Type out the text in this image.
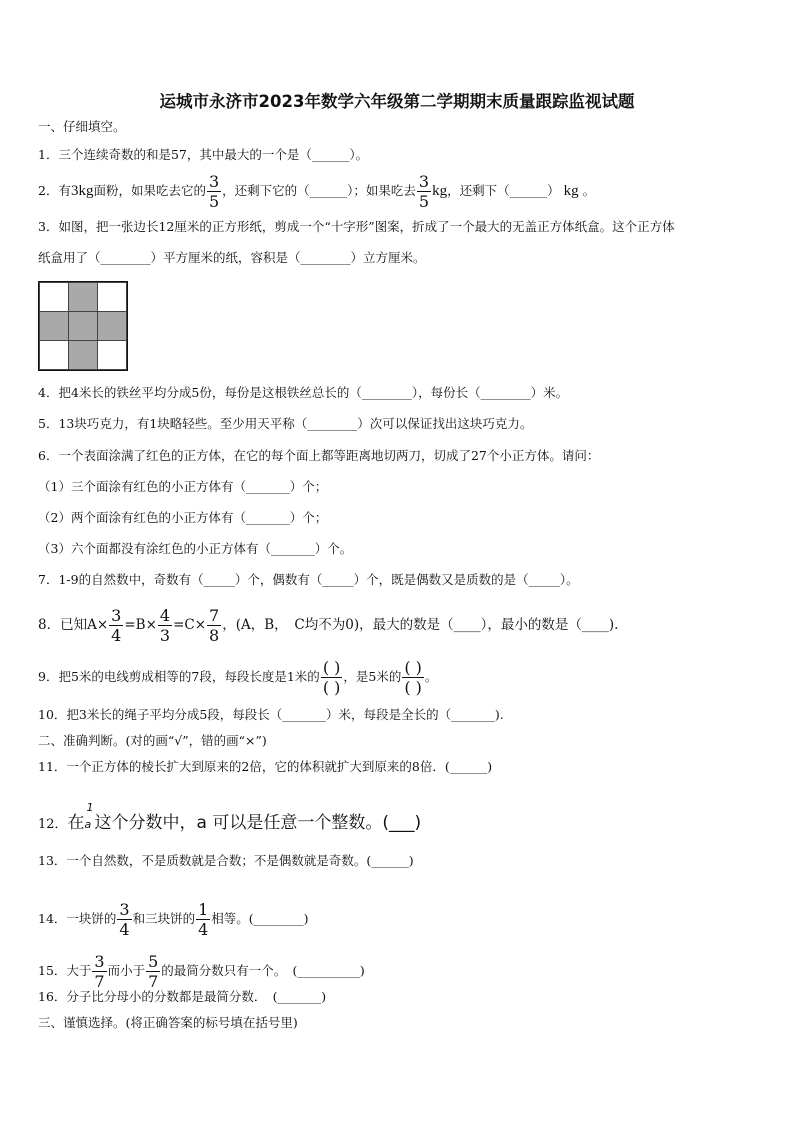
运城市永济市2023年数学六年级第二学期期末质量跟踪监视试题
一、仔细填空。
1．三个连续奇数的和是57，其中最大的一个是（______）。
2．有3kg面粉，如果吃去它的 $\frac{3}{5}$ ，还剩下它的（______）；如果吃去 $\frac{3}{5}$ kg，还剩下（______） kg 。
3．如图，把一张边长12厘米的正方形纸，剪成一个“十字形”图案，折成了一个最大的无盖正方体纸盒。这个正方体
纸盒用了（________）平方厘米的纸，容积是（________）立方厘米。
4．把4米长的铁丝平均分成5份，每份是这根铁丝总长的（________），每份长（________）米。
5．13块巧克力，有1块略轻些。至少用天平称（________）次可以保证找出这块巧克力。
6．一个表面涂满了红色的正方体，在它的每个面上都等距离地切两刀，切成了27个小正方体。请问：
（1）三个面涂有红色的小正方体有（_______）个；
（2）两个面涂有红色的小正方体有（_______）个；
（3）六个面都没有涂红色的小正方体有（_______）个。
7．1-9的自然数中，奇数有（_____）个，偶数有（_____）个，既是偶数又是质数的是（_____）。
8．已知$A\times \frac{3}{4} =B\times \frac{4}{3} =C\times \frac{7}{8}$ ，(A，B，　C均不为0)，最大的数是（____），最小的数是（____).
9．把5米的电线剪成相等的7段，每段长度是1米的 $\frac{( )}{( )}$ ，是5米的 $\frac{( )}{( )}$ 。
10．把3米长的绳子平均分成5段，每段长（_______）米，每段是全长的（_______).
二、准确判断。(对的画“√”，错的画“×”)
11．一个正方体的棱长扩大到原来的2倍，它的体积就扩大到原来的8倍．(______)
12．在
1
a 这个分数中，a 可以是任意一个整数。(___)
13．一个自然数，不是质数就是合数；不是偶数就是奇数。(______)
14．一块饼的 $\frac{3}{4}$ 和三块饼的 $\frac{1}{4}$ 相等。(________)
15．大于 $\frac{3}{7}$ 而小于 $\frac{5}{7}$ 的最简分数只有一个。　(__________)
16．分子比分母小的分数都是最简分数．　(_______)
三、谨慎选择。(将正确答案的标号填在括号里)
